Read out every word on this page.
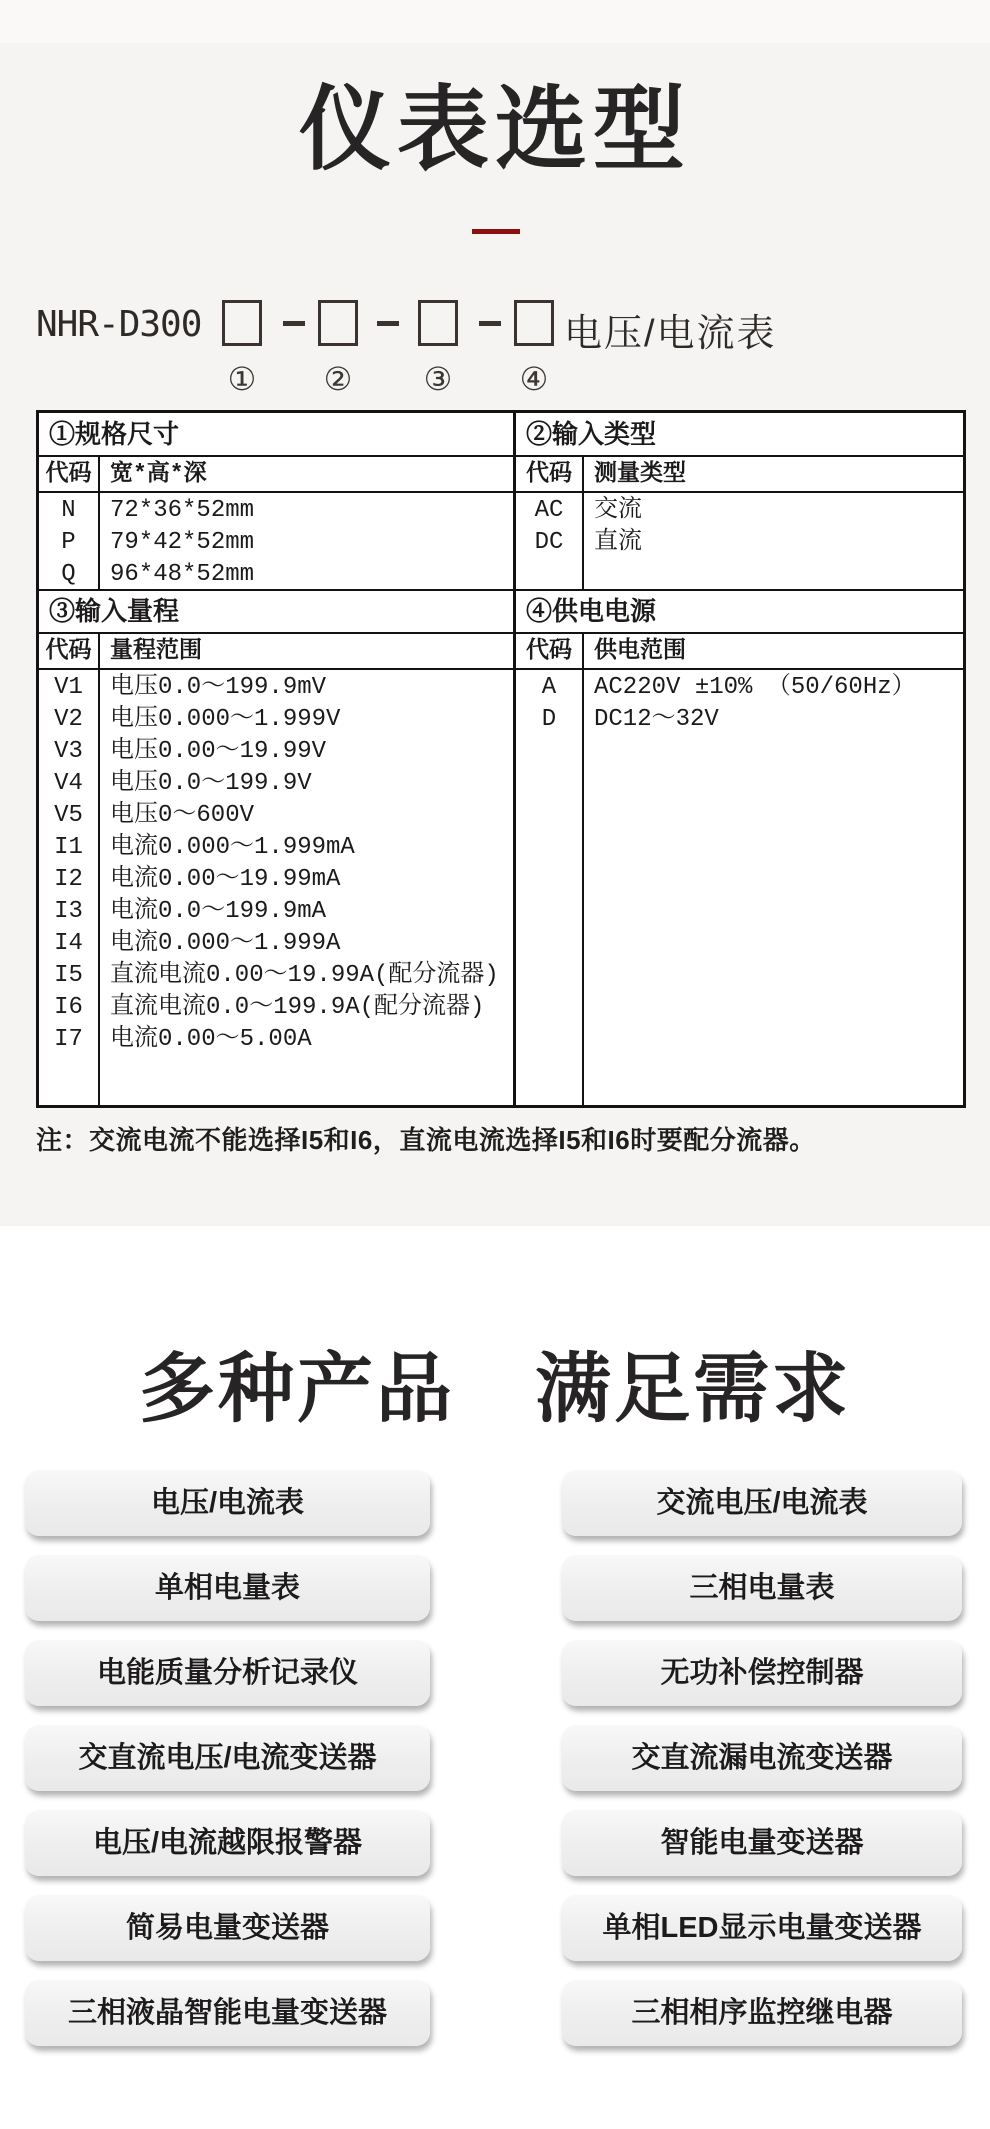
仪表选型
NHR-D300	电压/电流表
① ② ③ ④
①规格尺寸
代码 宽*高*深
N
P
Q
72*36*52mm
79*42*52mm
96*48*52mm
③输入量程
代码 量程范围
V1
V2
V3
V4
V5
I1
I2
I3
I4
I5
I6
I7
电压0.0～199.9mV
电压0.000～1.999V
电压0.00～19.99V
电压0.0～199.9V
电压0～600V
电流0.000～1.999mA
电流0.00～19.99mA
电流0.0～199.9mA
电流0.000～1.999A
直流电流0.00～19.99A(配分流器)
直流电流0.0～199.9A(配分流器)
电流0.00～5.00A
②输入类型
代码 测量类型
AC
DC
交流
直流
④供电电源
代码 供电范围
A
D
AC220V ±10% （50/60Hz）
DC12～32V
注：交流电流不能选择I5和I6，直流电流选择I5和I6时要配分流器。
多种产品 满足需求
电压/电流表
单相电量表
电能质量分析记录仪
交直流电压/电流变送器
电压/电流越限报警器
简易电量变送器
三相液晶智能电量变送器
交流电压/电流表
三相电量表
无功补偿控制器
交直流漏电流变送器
智能电量变送器
单相LED显示电量变送器
三相相序监控继电器
